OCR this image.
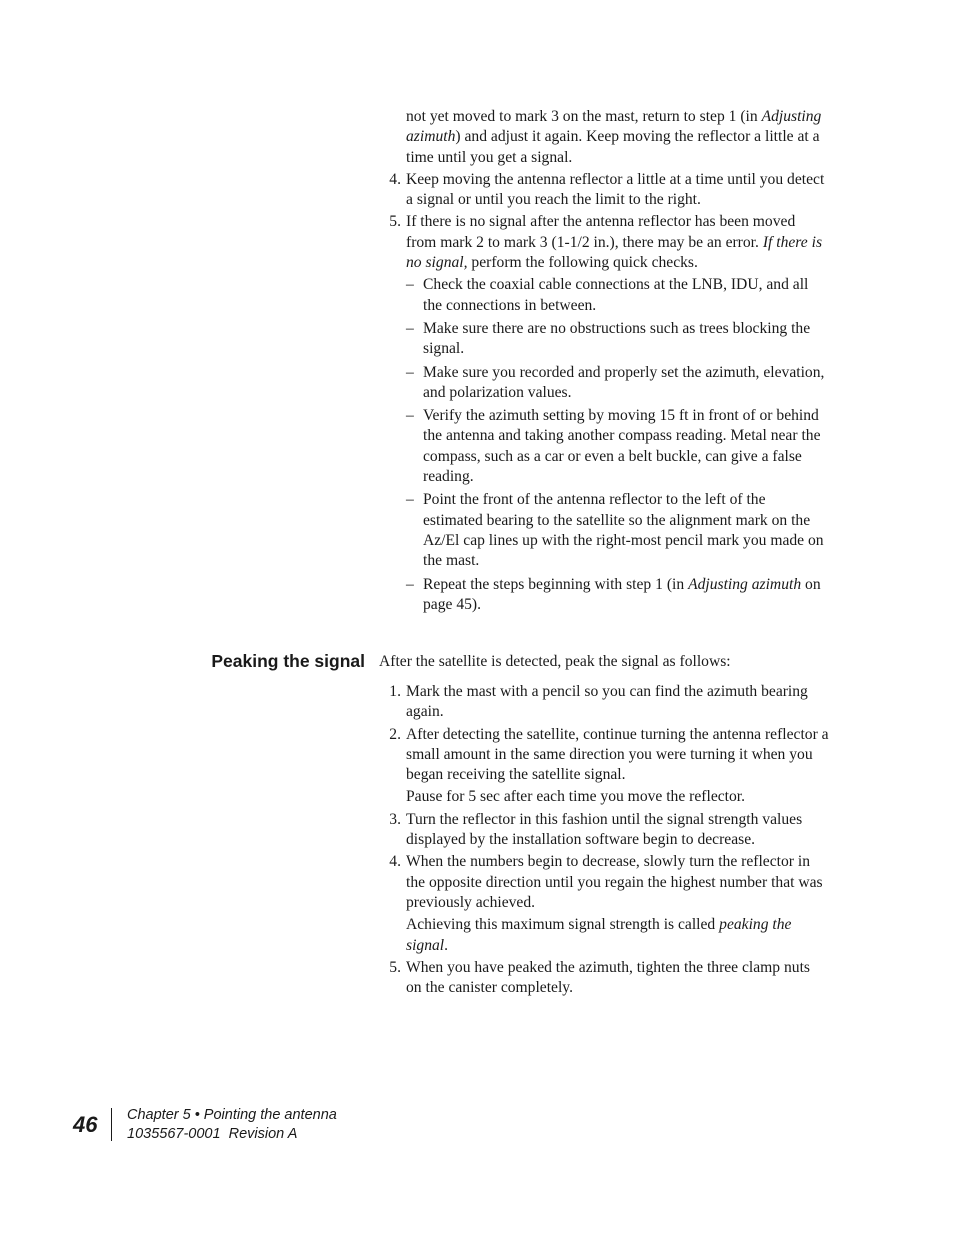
not yet moved to mark 3 on the mast, return to step 1 (in Adjusting azimuth) and adjust it again. Keep moving the reflector a little at a time until you get a signal.

4. Keep moving the antenna reflector a little at a time until you detect a signal or until you reach the limit to the right.

5. If there is no signal after the antenna reflector has been moved from mark 2 to mark 3 (1-1/2 in.), there may be an error. If there is no signal, perform the following quick checks.

– Check the coaxial cable connections at the LNB, IDU, and all the connections in between.
– Make sure there are no obstructions such as trees blocking the signal.
– Make sure you recorded and properly set the azimuth, elevation, and polarization values.
– Verify the azimuth setting by moving 15 ft in front of or behind the antenna and taking another compass reading. Metal near the compass, such as a car or even a belt buckle, can give a false reading.
– Point the front of the antenna reflector to the left of the estimated bearing to the satellite so the alignment mark on the Az/El cap lines up with the right-most pencil mark you made on the mast.
– Repeat the steps beginning with step 1 (in Adjusting azimuth on page 45).
Peaking the signal After the satellite is detected, peak the signal as follows:

1. Mark the mast with a pencil so you can find the azimuth bearing again.

2. After detecting the satellite, continue turning the antenna reflector a small amount in the same direction you were turning it when you began receiving the satellite signal.

Pause for 5 sec after each time you move the reflector.

3. Turn the reflector in this fashion until the signal strength values displayed by the installation software begin to decrease.

4. When the numbers begin to decrease, slowly turn the reflector in the opposite direction until you regain the highest number that was previously achieved.

Achieving this maximum signal strength is called peaking the signal.

5. When you have peaked the azimuth, tighten the three clamp nuts on the canister completely.

46 Chapter 5 • Pointing the antenna
1035567-0001  Revision A
